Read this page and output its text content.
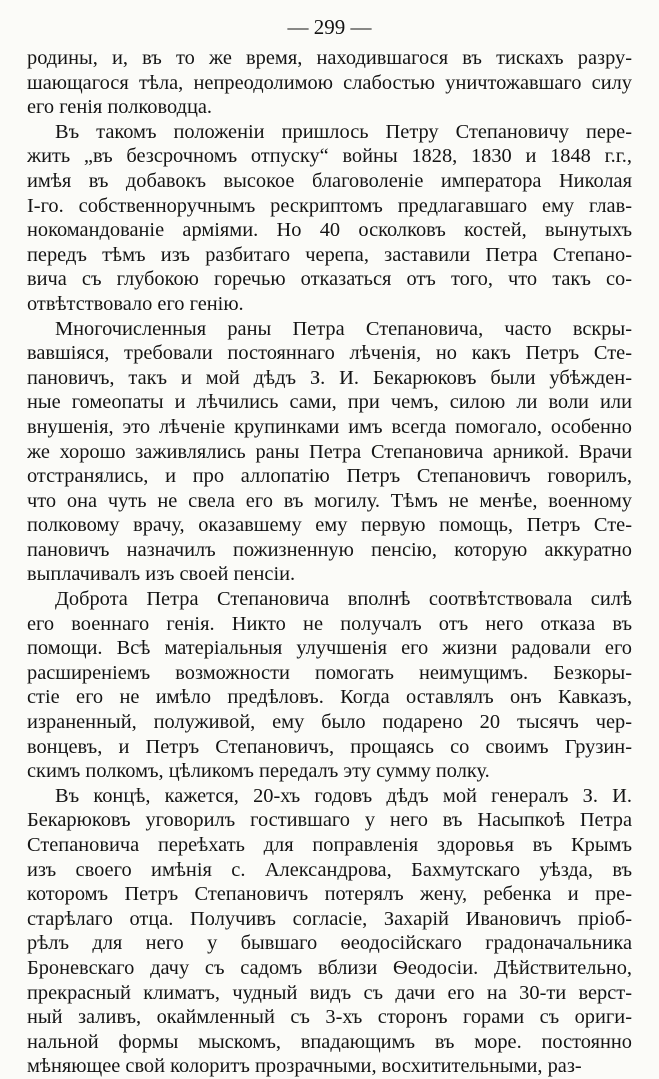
— 299 —
родины, и, въ то же время, находившагося въ тискахъ разру-
шающагося тѣла, непреодолимою слабостью уничтожавшаго силу
его генія полководца.
Въ такомъ положеніи пришлось Петру Степановичу пере-
жить „въ безсрочномъ отпуску“ войны 1828, 1830 и 1848 г.г.,
имѣя въ добавокъ высокое благоволеніе императора Николая
І-го. собственноручнымъ рескриптомъ предлагавшаго ему глав-
нокомандованіе арміями. Но 40 осколковъ костей, вынутыхъ
передъ тѣмъ изъ разбитаго черепа, заставили Петра Степано-
вича съ глубокою горечью отказаться отъ того, что такъ со-
отвѣтствовало его генію.
Многочисленныя раны Петра Степановича, часто вскры-
вавшіяся, требовали постояннаго лѣченія, но какъ Петръ Сте-
пановичъ, такъ и мой дѣдъ З. И. Бекарюковъ были убѣжден-
ные гомеопаты и лѣчились сами, при чемъ, силою ли воли или
внушенія, это лѣченіе крупинками имъ всегда помогало, особенно
же хорошо заживлялись раны Петра Степановича арникой. Врачи
отстранялись, и про аллопатію Петръ Степановичъ говорилъ,
что она чуть не свела его въ могилу. Тѣмъ не менѣе, военному
полковому врачу, оказавшему ему первую помощь, Петръ Сте-
пановичъ назначилъ пожизненную пенсію, которую аккуратно
выплачивалъ изъ своей пенсіи.
Доброта Петра Степановича вполнѣ соотвѣтствовала силѣ
его военнаго генія. Никто не получалъ отъ него отказа въ
помощи. Всѣ матеріальныя улучшенія его жизни радовали его
расширеніемъ возможности помогать неимущимъ. Безкоры-
стіе его не имѣло предѣловъ. Когда оставлялъ онъ Кавказъ,
израненный, полуживой, ему было подарено 20 тысячъ чер-
вонцевъ, и Петръ Степановичъ, прощаясь со своимъ Грузин-
скимъ полкомъ, цѣликомъ передалъ эту сумму полку.
Въ концѣ, кажется, 20-хъ годовъ дѣдъ мой генералъ З. И.
Бекарюковъ уговорилъ гостившаго у него въ Насыпкоѣ Петра
Степановича переѣхать для поправленія здоровья въ Крымъ
изъ своего имѣнія с. Александрова, Бахмутскаго уѣзда, въ
которомъ Петръ Степановичъ потерялъ жену, ребенка и пре-
старѣлаго отца. Получивъ согласіе, Захарій Ивановичъ пріоб-
рѣлъ для него у бывшаго ѳеодосійскаго градоначальника
Броневскаго дачу съ садомъ вблизи Ѳеодосіи. Дѣйствительно,
прекрасный климатъ, чудный видъ съ дачи его на 30-ти верст-
ный заливъ, окаймленный съ 3-хъ сторонъ горами съ ориги-
нальной формы мыскомъ, впадающимъ въ море. постоянно
мѣняющее свой колоритъ прозрачными, восхитительными, раз-
